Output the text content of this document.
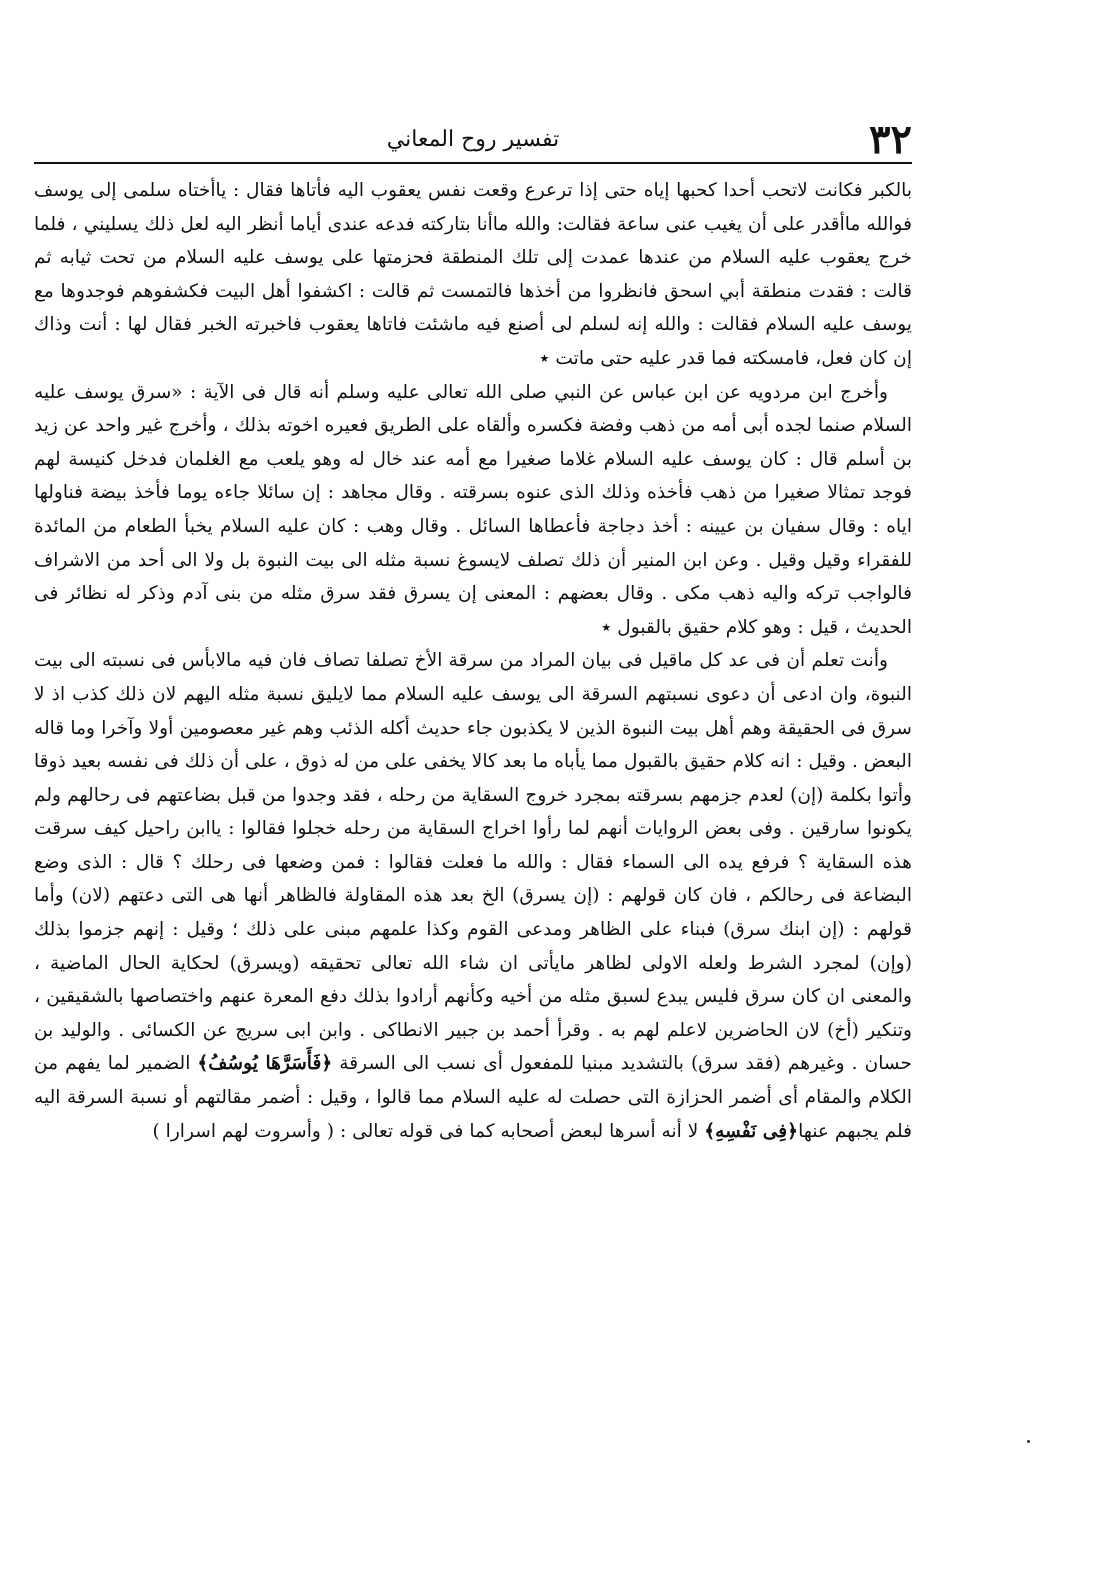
٣٢
تفسير روح المعاني

بالكبر فكانت لاتحب أحدا كحبها إياه حتى إذا ترعرع وقعت نفس يعقوب اليه فأتاها فقال : ياأختاه سلمى إلى يوسف فوالله ماأقدر على أن يغيب عنى ساعة فقالت: والله ماأنا بتاركته فدعه عندى أياما أنظر اليه لعل ذلك يسليني ، فلما خرج يعقوب عليه السلام من عندها عمدت إلى تلك المنطقة فحزمتها على يوسف عليه السلام من تحت ثيابه ثم قالت : فقدت منطقة أبي اسحق فانظروا من أخذها فالتمست ثم قالت : اكشفوا أهل البيت فكشفوهم فوجدوها مع يوسف عليه السلام فقالت : والله إنه لسلم لى أصنع فيه ماشئت فاتاها يعقوب فاخبرته الخبر فقال لها : أنت وذاك إن كان فعل، فامسكته فما قدر عليه حتى ماتت ٭

وأخرج ابن مردويه عن ابن عباس عن النبي صلى الله تعالى عليه وسلم أنه قال فى الآية : «سرق يوسف عليه السلام صنما لجده أبى أمه من ذهب وفضة فكسره وألقاه على الطريق فعيره اخوته بذلك ، وأخرج غير واحد عن زيد بن أسلم قال : كان يوسف عليه السلام غلاما صغيرا مع أمه عند خال له وهو يلعب مع الغلمان فدخل كنيسة لهم فوجد تمثالا صغيرا من ذهب فأخذه وذلك الذى عنوه بسرقته . وقال مجاهد : إن سائلا جاءه يوما فأخذ بيضة فناولها اياه : وقال سفيان بن عيينه : أخذ دجاجة فأعطاها السائل . وقال وهب : كان عليه السلام يخبأ الطعام من المائدة للفقراء وقيل وقيل . وعن ابن المنير أن ذلك تصلف لايسوغ نسبة مثله الى بيت النبوة بل ولا الى أحد من الاشراف فالواجب تركه واليه ذهب مكى . وقال بعضهم : المعنى إن يسرق فقد سرق مثله من بنى آدم وذكر له نظائر فى الحديث ، قيل : وهو كلام حقيق بالقبول ٭

وأنت تعلم أن فى عد كل ماقيل فى بيان المراد من سرقة الأخ تصلفا تصاف فان فيه مالابأس فى نسبته الى بيت النبوة، وان ادعى أن دعوى نسبتهم السرقة الى يوسف عليه السلام مما لايليق نسبة مثله اليهم لان ذلك كذب اذ لا سرق فى الحقيقة وهم أهل بيت النبوة الذين لا يكذبون جاء حديث أكله الذئب وهم غير معصومين أولا وآخرا وما قاله البعض . وقيل : انه كلام حقيق بالقبول مما يأباه ما بعد كالا يخفى على من له ذوق ، على أن ذلك فى نفسه بعيد ذوقا وأتوا بكلمة (إن) لعدم جزمهم بسرقته بمجرد خروج السقاية من رحله ، فقد وجدوا من قبل بضاعتهم فى رحالهم ولم يكونوا سارقين . وفى بعض الروايات أنهم لما رأوا اخراج السقاية من رحله خجلوا فقالوا : ياابن راحيل كيف سرقت هذه السقاية ؟ فرفع يده الى السماء فقال : والله ما فعلت فقالوا : فمن وضعها فى رحلك ؟ قال : الذى وضع البضاعة فى رحالكم ، فان كان قولهم : (إن يسرق) الخ بعد هذه المقاولة فالظاهر أنها هى التى دعتهم (لان) وأما قولهم : (إن ابنك سرق) فبناء على الظاهر ومدعى القوم وكذا علمهم مبنى على ذلك ؛ وقيل : إنهم جزموا بذلك (وإن) لمجرد الشرط ولعله الاولى لظاهر مايأتى ان شاء الله تعالى تحقيقه (ويسرق) لحكاية الحال الماضية ، والمعنى ان كان سرق فليس يبدع لسبق مثله من أخيه وكأنهم أرادوا بذلك دفع المعرة عنهم واختصاصها بالشقيقين ، وتنكير (أخ) لان الحاضرين لاعلم لهم به . وقرأ أحمد بن جبير الانطاكى . وابن ابى سريج عن الكسائى . والوليد بن حسان . وغيرهم (فقد سرق) بالتشديد مبنيا للمفعول أى نسب الى السرقة ﴿فَأَسَرَّهَا يُوسُفُ﴾ الضمير لما يفهم من الكلام والمقام أى أضمر الحزازة التى حصلت له عليه السلام مما قالوا ، وقيل : أضمر مقالتهم أو نسبة السرقة اليه فلم يجبهم عنها﴿فِى نَفْسِهِ﴾ لا أنه أسرها لبعض أصحابه كما فى قوله تعالى : ( وأسروت لهم اسرارا )
